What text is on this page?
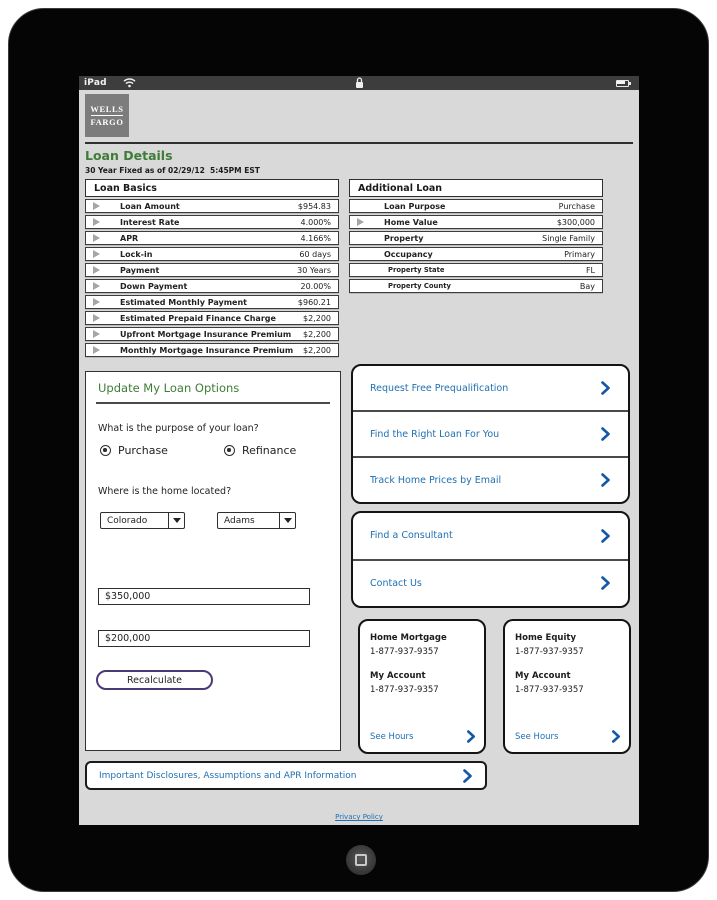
iPad
WELLS
FARGO
Loan Details
30 Year Fixed as of 02/29/12  5:45PM EST
Loan Basics
Loan Amount	$954.83
Interest Rate	4.000%
APR	4.166%
Lock-in	60 days
Payment	30 Years
Down Payment	20.00%
Estimated Monthly Payment	$960.21
Estimated Prepaid Finance Charge	$2,200
Upfront Mortgage Insurance Premium $2,200
Monthly Mortgage Insurance Premium $2,200
Additional Loan
Loan Purpose	Purchase
Home Value	$300,000
Property	Single Family
Occupancy	Primary
Property State	FL
Property County	Bay
Update My Loan Options
What is the purpose of your loan?
Purchase	Refinance
Where is the home located?
Colorado	Adams
$350,000
$200,000
Recalculate
Request Free Prequalification
Find the Right Loan For You
Track Home Prices by Email
Find a Consultant
Contact Us
Home Mortgage
1-877-937-9357
My Account
1-877-937-9357
See Hours
Home Equity
1-877-937-9357
My Account
1-877-937-9357
See Hours
Important Disclosures, Assumptions and APR Information
Privacy Policy
